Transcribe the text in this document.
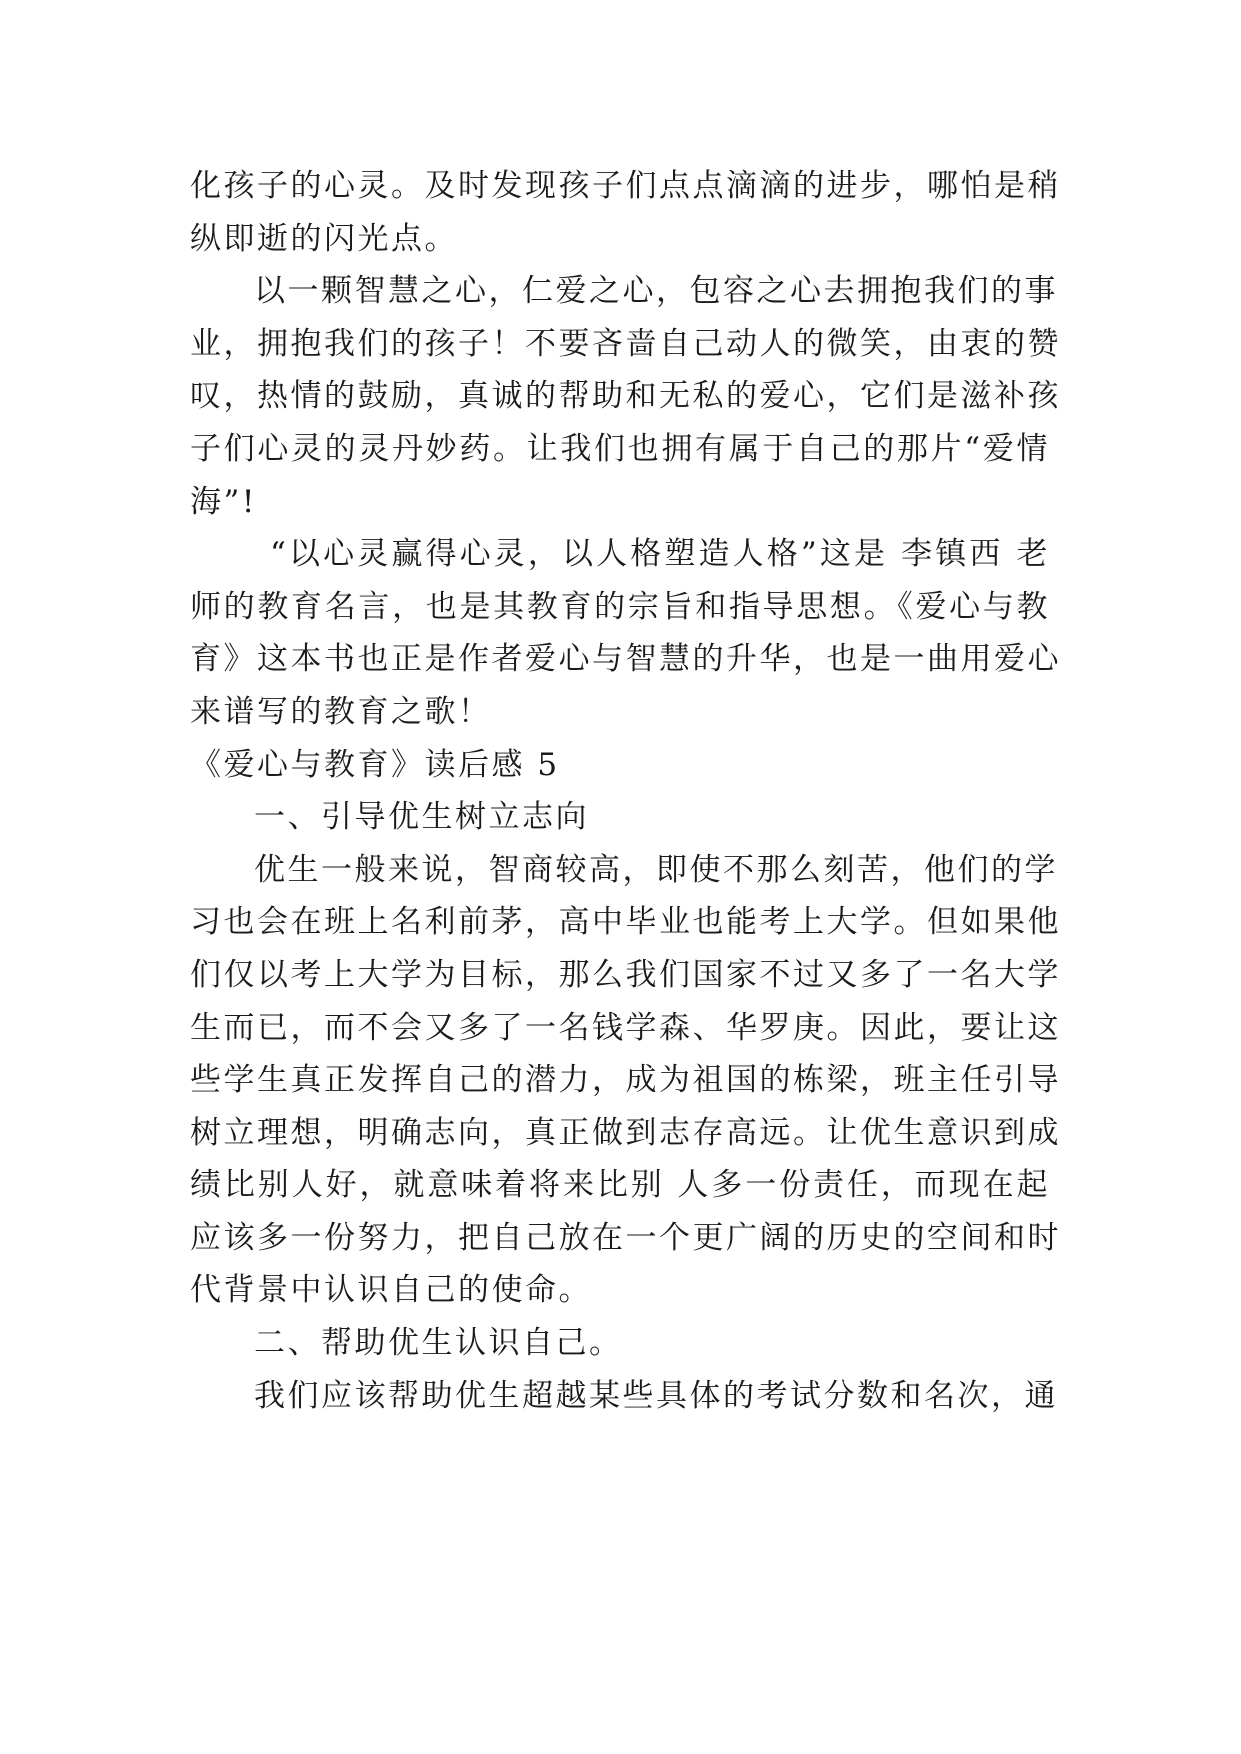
化孩子的心灵。及时发现孩子们点点滴滴的进步，哪怕是稍
纵即逝的闪光点。
以一颗智慧之心，仁爱之心，包容之心去拥抱我们的事
业，拥抱我们的孩子！不要吝啬自己动人的微笑，由衷的赞
叹，热情的鼓励，真诚的帮助和无私的爱心，它们是滋补孩
子们心灵的灵丹妙药。让我们也拥有属于自己的那片“爱情
海”!
“以心灵赢得心灵，以人格塑造人格”这是 李镇西 老
师的教育名言，也是其教育的宗旨和指导思想。《爱心与教
育》这本书也正是作者爱心与智慧的升华，也是一曲用爱心
来谱写的教育之歌！
《爱心与教育》读后感 5
一、引导优生树立志向
优生一般来说，智商较高，即使不那么刻苦，他们的学
习也会在班上名利前茅，高中毕业也能考上大学。但如果他
们仅以考上大学为目标，那么我们国家不过又多了一名大学
生而已，而不会又多了一名钱学森、华罗庚。因此，要让这
些学生真正发挥自己的潜力，成为祖国的栋梁，班主任引导
树立理想，明确志向，真正做到志存高远。让优生意识到成
绩比别人好，就意味着将来比别 人多一份责任，而现在起
应该多一份努力，把自己放在一个更广阔的历史的空间和时
代背景中认识自己的使命。
二、帮助优生认识自己。
我们应该帮助优生超越某些具体的考试分数和名次，通
